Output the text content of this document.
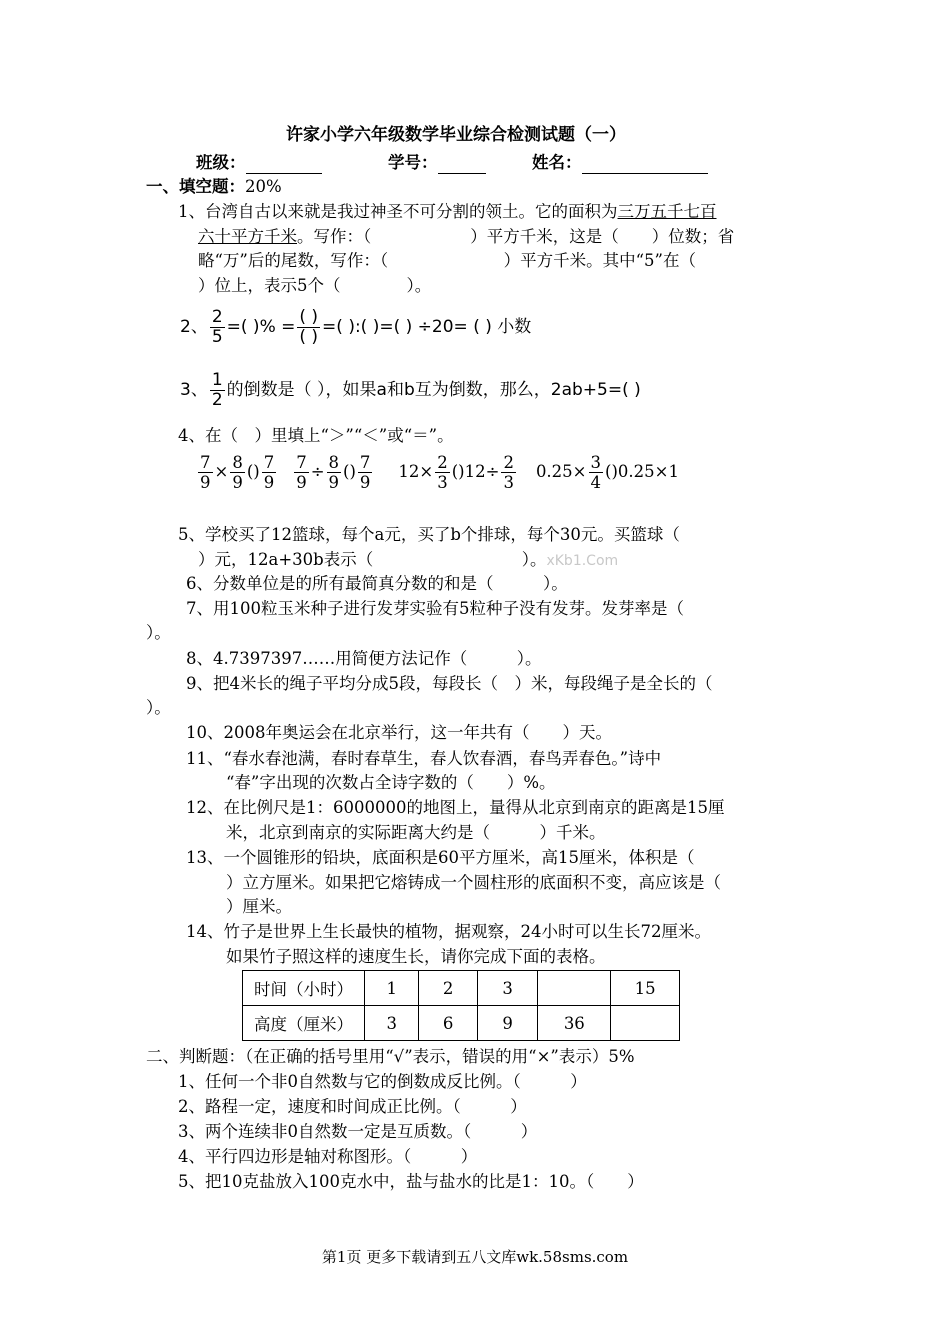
许家小学六年级数学毕业综合检测试题（一）
班级：	学号：	姓名：
一、填空题：20%
1、台湾自古以来就是我过神圣不可分割的领土。它的面积为三万五千七百
六十平方千米。写作：（　　　　　　）平方千米，这是（　　）位数；省
略“万”后的尾数，写作：（　　　　　　　）平方千米。其中“5”在（
）位上，表示5个（　　　　）。
2、 $\frac{2}{5}$ =( )% = $\frac{( )}{( )}$ =( ):( )=( ) ÷20= ( ) 小数
3、 $\frac{1}{2}$ 的倒数是（ ），如果a和b互为倒数，那么，2ab+5=( )
4、在（　）里填上“＞”“＜”或“＝”。
$\frac{7}{9} \times \frac{8}{9}$ ( ) $\frac{7}{9} \frac{7}{9} \div \frac{8}{9}$ ( ) $\frac{7}{9} 12\times \frac{2}{3}$ ( )$12\div \frac{2}{3} 0.25\times \frac{3}{4}$ ( )0.25×1
5、学校买了12篮球，每个a元，买了b个排球，每个30元。买篮球（
）元，12a+30b表示（　　　　　　　　　）。xKb1.Com
6、分数单位是的所有最简真分数的和是（　　　）。
7、用100粒玉米种子进行发芽实验有5粒种子没有发芽。发芽率是（
）。
8、4.7397397……用简便方法记作（　　　）。
9、把4米长的绳子平均分成5段，每段长（　）米，每段绳子是全长的（
）。
10、2008年奥运会在北京举行，这一年共有（　　）天。
11、“春水春池满，春时春草生，春人饮春酒，春鸟弄春色。”诗中
“春”字出现的次数占全诗字数的（　　）%。
12、在比例尺是1：6000000的地图上，量得从北京到南京的距离是15厘
米，北京到南京的实际距离大约是（　　　）千米。
13、一个圆锥形的铅块，底面积是60平方厘米，高15厘米，体积是（
）立方厘米。如果把它熔铸成一个圆柱形的底面积不变，高应该是（
）厘米。
14、竹子是世界上生长最快的植物，据观察，24小时可以生长72厘米。
如果竹子照这样的速度生长，请你完成下面的表格。
时间（小时）	1	2	3		15
高度（厘米）	3	6	9	36	
二、判断题：（在正确的括号里用“√”表示，错误的用“×”表示）5%
1、任何一个非0自然数与它的倒数成反比例。（　　　）
2、路程一定，速度和时间成正比例。（　　　）
3、两个连续非0自然数一定是互质数。（　　　）
4、平行四边形是轴对称图形。（　　　）
5、把10克盐放入100克水中，盐与盐水的比是1：10。（　　）
第1页 更多下载请到五八文库wk.58sms.com
